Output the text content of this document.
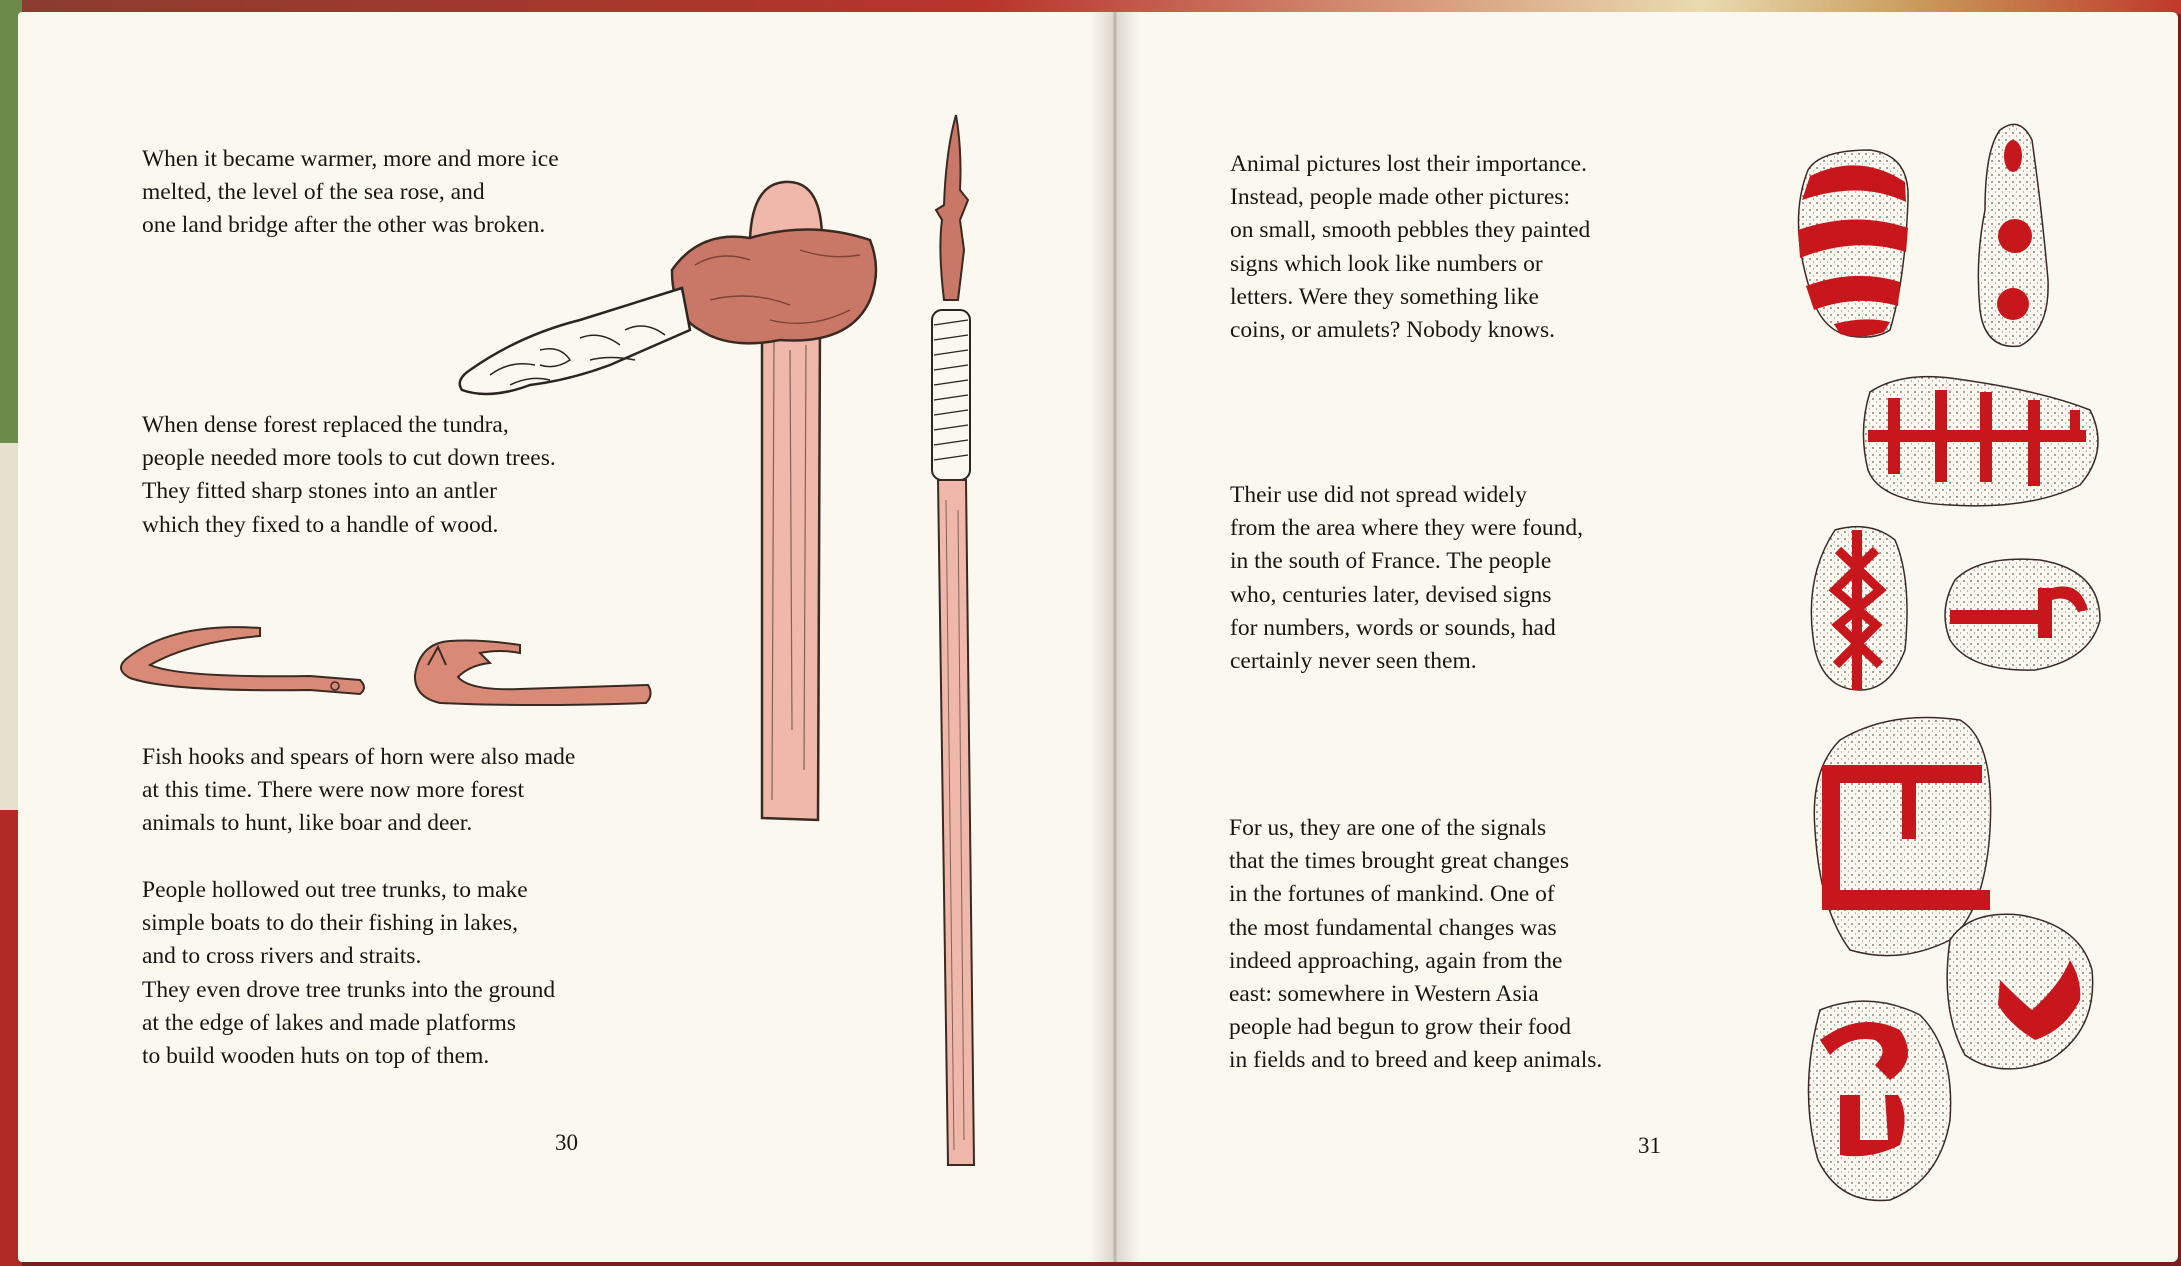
When it became warmer, more and more ice
melted, the level of the sea rose, and
one land bridge after the other was broken.

When dense forest replaced the tundra,
people needed more tools to cut down trees.
They fitted sharp stones into an antler
which they fixed to a handle of wood.

Fish hooks and spears of horn were also made
at this time. There were now more forest
animals to hunt, like boar and deer.

People hollowed out tree trunks, to make
simple boats to do their fishing in lakes,
and to cross rivers and straits.
They even drove tree trunks into the ground
at the edge of lakes and made platforms
to build wooden huts on top of them.

30

Animal pictures lost their importance.
Instead, people made other pictures:
on small, smooth pebbles they painted
signs which look like numbers or
letters. Were they something like
coins, or amulets? Nobody knows.

Their use did not spread widely
from the area where they were found,
in the south of France. The people
who, centuries later, devised signs
for numbers, words or sounds, had
certainly never seen them.

For us, they are one of the signals
that the times brought great changes
in the fortunes of mankind. One of
the most fundamental changes was
indeed approaching, again from the
east: somewhere in Western Asia
people had begun to grow their food
in fields and to breed and keep animals.

31
